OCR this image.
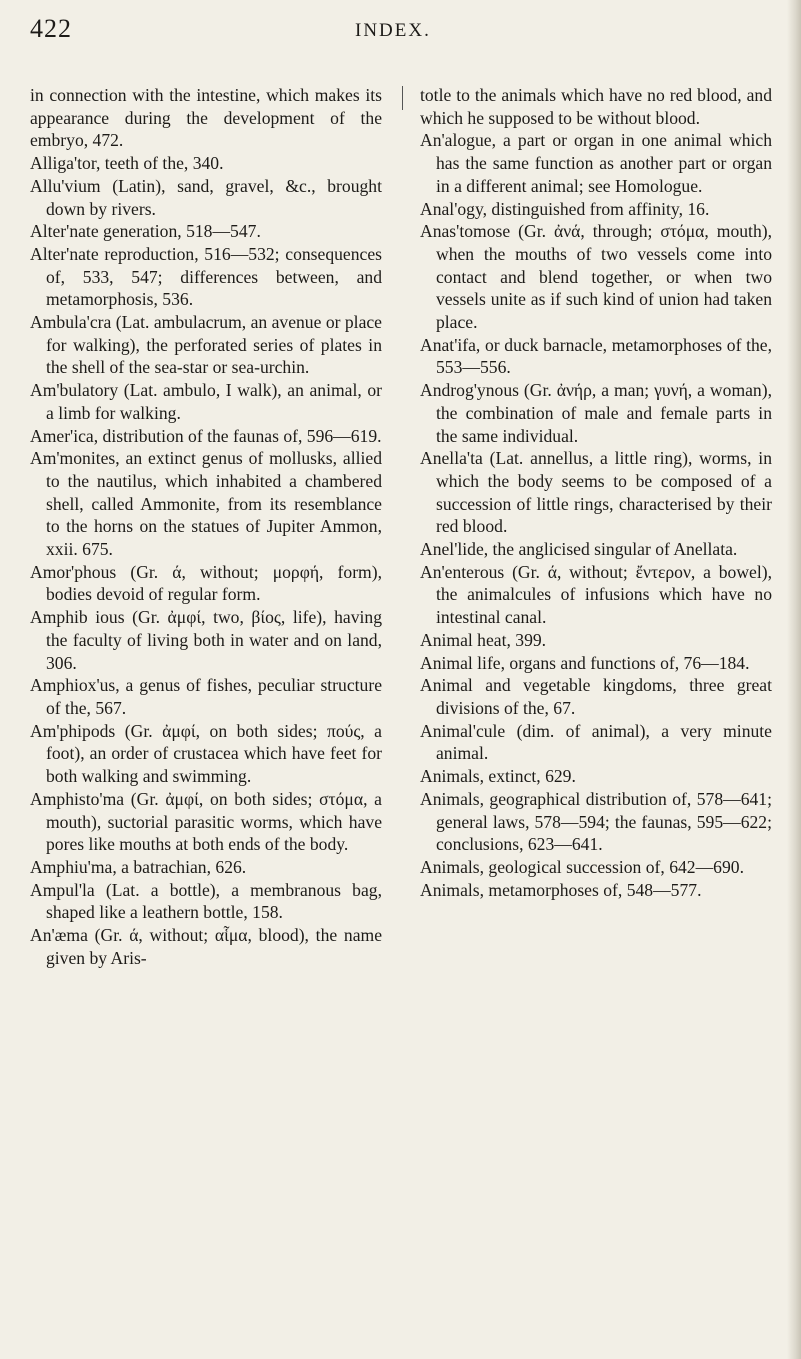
422	INDEX.

in connection with the intestine, which makes its appearance during the development of the embryo, 472.

Alliga'tor, teeth of the, 340.

Allu'vium (Latin), sand, gravel, &c., brought down by rivers.

Alter'nate generation, 518—547.

Alter'nate reproduction, 516—532; consequences of, 533, 547; differences between, and metamorphosis, 536.

Ambula'cra (Lat. ambulacrum, an avenue or place for walking), the perforated series of plates in the shell of the sea-star or sea-urchin.

Am'bulatory (Lat. ambulo, I walk), an animal, or a limb for walking.

Amer'ica, distribution of the faunas of, 596—619.

Am'monites, an extinct genus of mollusks, allied to the nautilus, which inhabited a chambered shell, called Ammonite, from its resemblance to the horns on the statues of Jupiter Ammon, xxii. 675.

Amor'phous (Gr. ά, without; μορφή, form), bodies devoid of regular form.

Amphib ious (Gr. ἀμφί, two, βίος, life), having the faculty of living both in water and on land, 306.

Amphiox'us, a genus of fishes, peculiar structure of the, 567.

Am'phipods (Gr. ἀμφί, on both sides; πούς, a foot), an order of crustacea which have feet for both walking and swimming.

Amphisto'ma (Gr. ἀμφί, on both sides; στόμα, a mouth), suctorial parasitic worms, which have pores like mouths at both ends of the body.

Amphiu'ma, a batrachian, 626.

Ampul'la (Lat. a bottle), a membranous bag, shaped like a leathern bottle, 158.

An'æma (Gr. ά, without; αἷμα, blood), the name given by Aris-

totle to the animals which have no red blood, and which he supposed to be without blood.

An'alogue, a part or organ in one animal which has the same function as another part or organ in a different animal; see Homologue.

Anal'ogy, distinguished from affinity, 16.

Anas'tomose (Gr. ἀνά, through; στόμα, mouth), when the mouths of two vessels come into contact and blend together, or when two vessels unite as if such kind of union had taken place.

Anat'ifa, or duck barnacle, metamorphoses of the, 553—556.

Androg'ynous (Gr. ἀνήρ, a man; γυνή, a woman), the combination of male and female parts in the same individual.

Anella'ta (Lat. annellus, a little ring), worms, in which the body seems to be composed of a succession of little rings, characterised by their red blood.

Anel'lide, the anglicised singular of Anellata.

An'enterous (Gr. ά, without; ἔντερον, a bowel), the animalcules of infusions which have no intestinal canal.

Animal heat, 399.

Animal life, organs and functions of, 76—184.

Animal and vegetable kingdoms, three great divisions of the, 67.

Animal'cule (dim. of animal), a very minute animal.

Animals, extinct, 629.

Animals, geographical distribution of, 578—641; general laws, 578—594; the faunas, 595—622; conclusions, 623—641.

Animals, geological succession of, 642—690.

Animals, metamorphoses of, 548—577.
